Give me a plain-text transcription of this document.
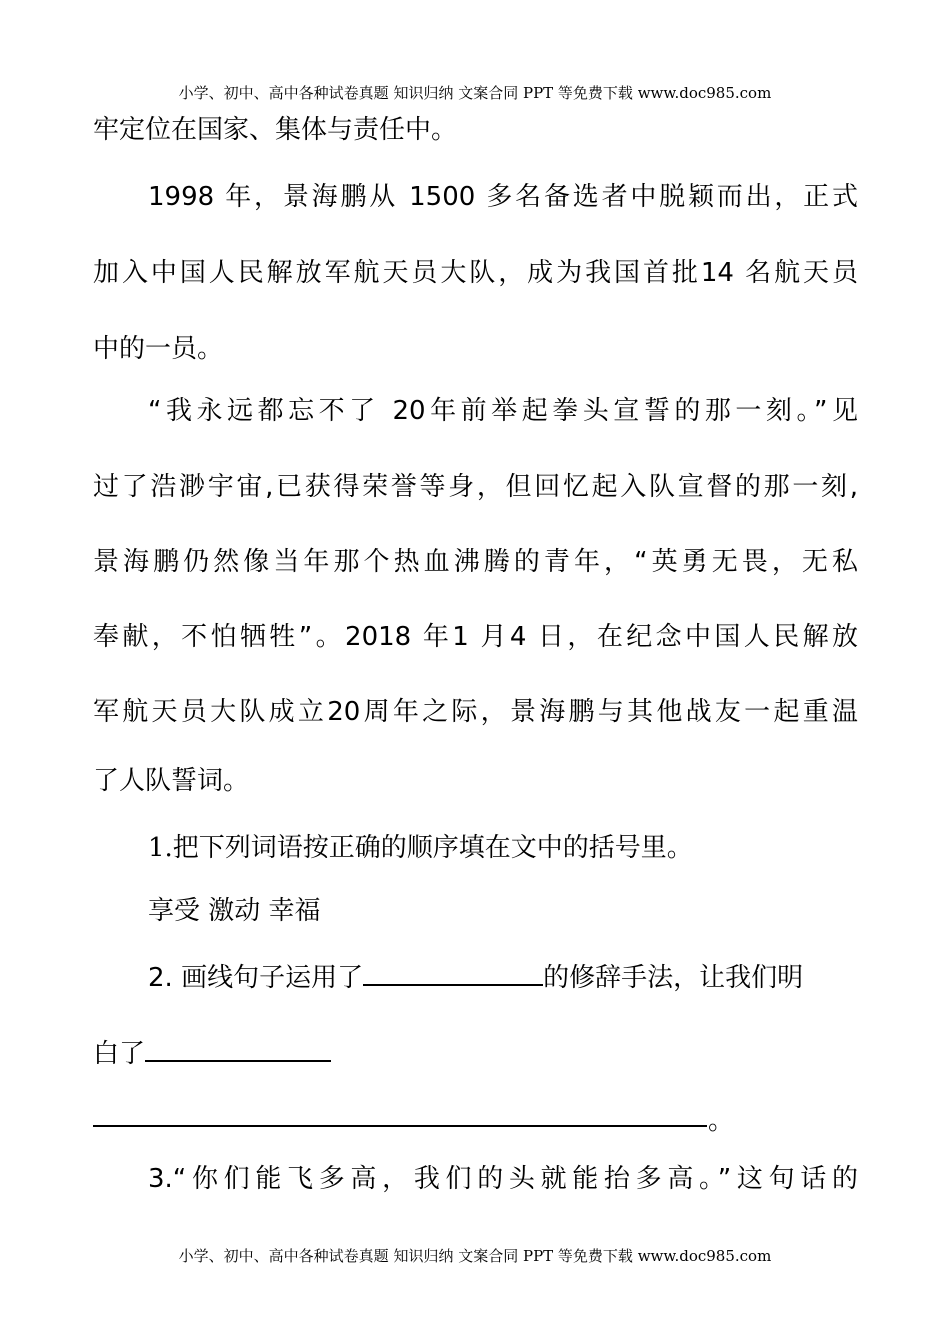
小学、初中、高中各种试卷真题 知识归纳 文案合同 PPT 等免费下载 www.doc985.com
牢定位在国家、集体与责任中。
1998 年，景海鹏从 1500 多名备选者中脱颖而出，正式
加入中国人民解放军航天员大队，成为我国首批14 名航天员
中的一员。
“我永远都忘不了 20年前举起拳头宣誓的那一刻。”见
过了浩渺宇宙,已获得荣誉等身，但回忆起入队宣督的那一刻,
景海鹏仍然像当年那个热血沸腾的青年，“英勇无畏，无私
奉献，不怕牺牲”。2018 年1 月4 日，在纪念中国人民解放
军航天员大队成立20周年之际，景海鹏与其他战友一起重温
了人队誓词。
1.把下列词语按正确的顺序填在文中的括号里。
享受 激动 幸福
2. 画线句子运用了	的修辞手法，让我们明
白了
。
3.“你们能飞多高，我们的头就能抬多高。”这句话的
小学、初中、高中各种试卷真题 知识归纳 文案合同 PPT 等免费下载 www.doc985.com
